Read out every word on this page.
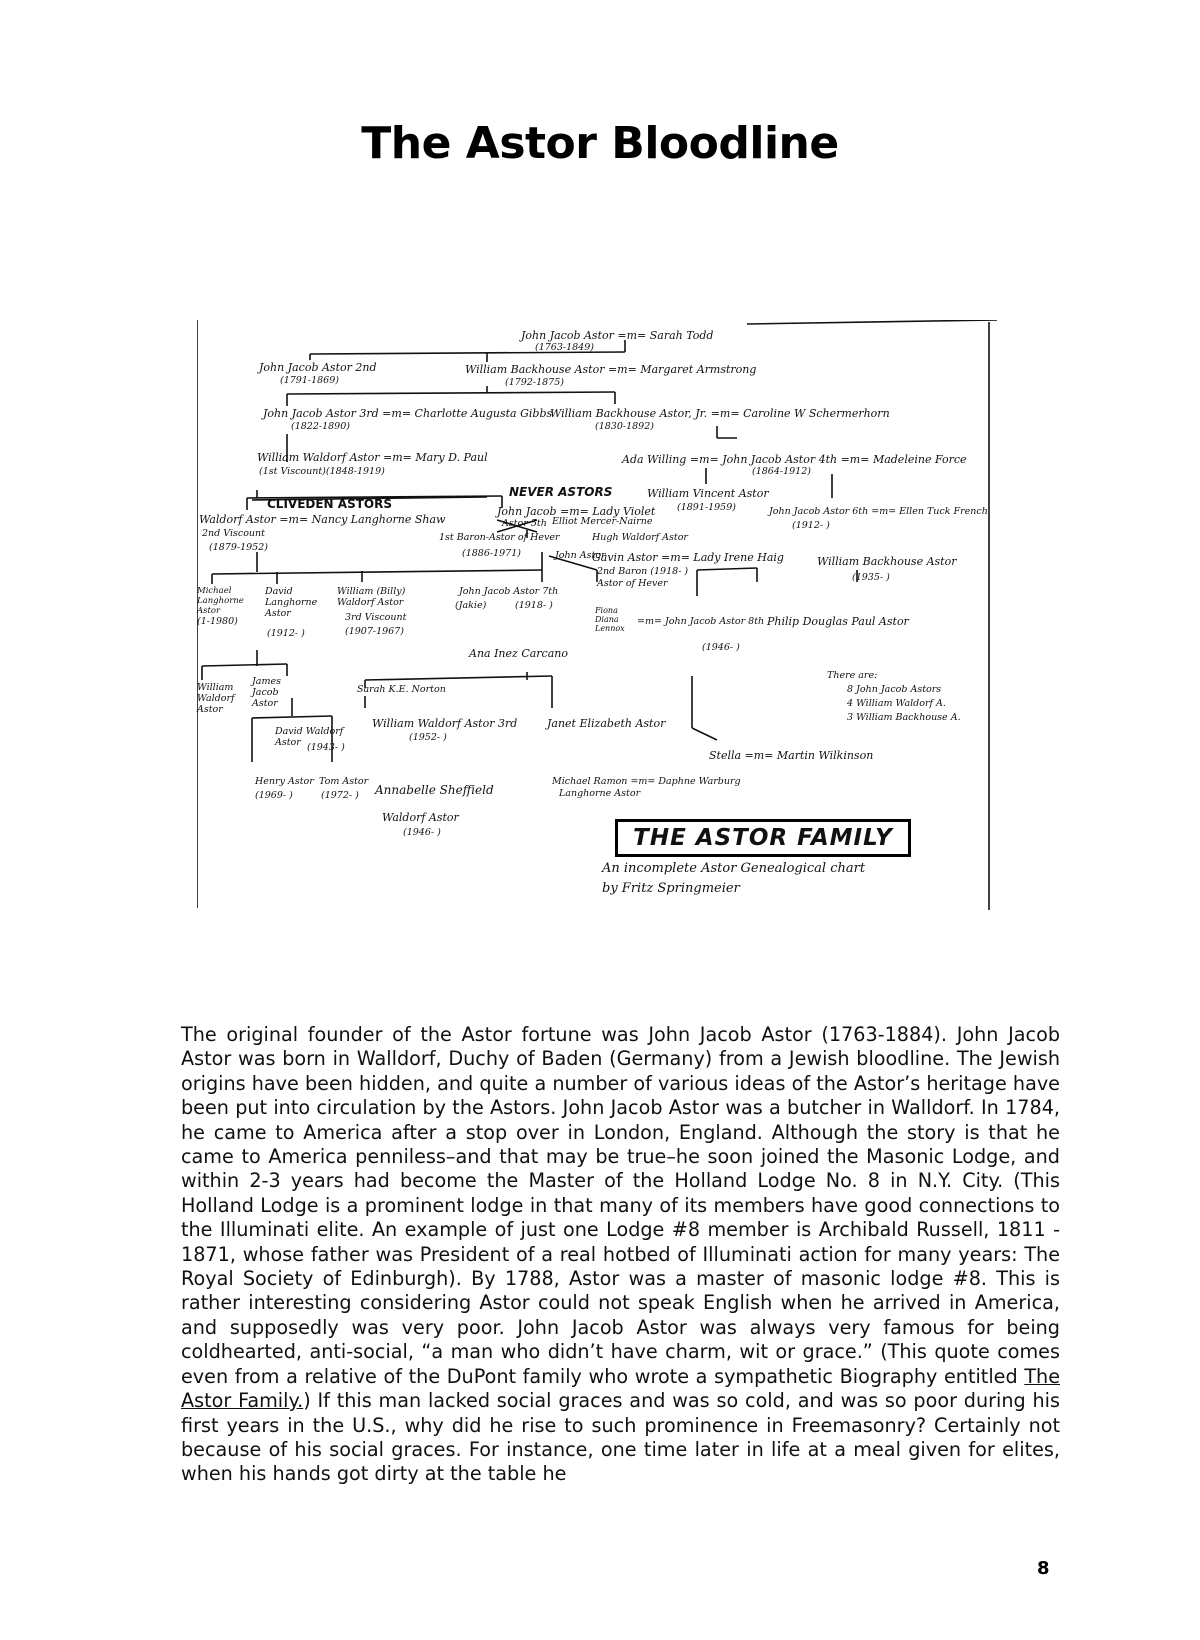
The Astor Bloodline
John Jacob Astor =m= Sarah Todd
(1763-1849)
John Jacob Astor 2nd
(1791-1869)
William Backhouse Astor =m= Margaret Armstrong
(1792-1875)
John Jacob Astor 3rd =m= Charlotte Augusta Gibbs
(1822-1890)
William Backhouse Astor, Jr. =m= Caroline W Schermerhorn
(1830-1892)
William Waldorf Astor =m= Mary D. Paul
(1st Viscount)(1848-1919)
Ada Willing =m= John Jacob Astor 4th =m= Madeleine Force
(1864-1912)
CLIVEDEN ASTORS
NEVER ASTORS	William Vincent Astor
(1891-1959)
Waldorf Astor =m= Nancy Langhorne Shaw
2nd Viscount
(1879-1952)
John Jacob =m= Lady Violet
Astor 5th Elliot Mercer-Nairne
1st Baron-Astor of Hever
(1886-1971)
Hugh Waldorf Astor
John Jacob Astor 6th =m= Ellen Tuck French
(1912- )
John Astor
Gavin Astor =m= Lady Irene Haig
2nd Baron (1918- )
Astor of Hever
William Backhouse Astor
(1935- )
Michael Langhorne Astor
(1-1980)
David Langhorne Astor
(1912- )
William (Billy) Waldorf Astor
3rd Viscount
(1907-1967)
John Jacob Astor 7th
(Jakie)	(1918- )	Fiona Diana Lennox
=m= John Jacob Astor 8th
(1946- )
Philip Douglas Paul Astor
Ana Inez Carcano
William Waldorf Astor
James Jacob Astor
Sarah K.E. Norton
William Waldorf Astor 3rd
(1952- )
Janet Elizabeth Astor
David Waldorf Astor (1943- )
Henry Astor
(1969- )
Tom Astor
(1972- ) Annabelle Sheffield
Waldorf Astor
(1946- )
Stella =m= Martin Wilkinson
Michael Ramon =m= Daphne Warburg
Langhorne Astor
There are:
8 John Jacob Astors
4 William Waldorf A.
3 William Backhouse A.
THE ASTOR FAMILY
An incomplete Astor Genealogical chart
by Fritz Springmeier

The original founder of the Astor fortune was John Jacob Astor (1763-1884). John Jacob Astor was born in Walldorf, Duchy of Baden (Germany) from a Jewish bloodline. The Jewish origins have been hidden, and quite a number of various ideas of the Astor’s heritage have been put into circulation by the Astors. John Jacob Astor was a butcher in Walldorf. In 1784, he came to America after a stop over in London, England. Although the story is that he came to America penniless–and that may be true–he soon joined the Masonic Lodge, and within 2-3 years had become the Master of the Holland Lodge No. 8 in N.Y. City. (This Holland Lodge is a prominent lodge in that many of its members have good connections to the Illuminati elite. An example of just one Lodge #8 member is Archibald Russell, 1811 - 1871, whose father was President of a real hotbed of Illuminati action for many years: The Royal Society of Edinburgh). By 1788, Astor was a master of masonic lodge #8. This is rather interesting considering Astor could not speak English when he arrived in America, and supposedly was very poor. John Jacob Astor was always very famous for being coldhearted, anti-social, “a man who didn’t have charm, wit or grace.” (This quote comes even from a relative of the DuPont family who wrote a sympathetic Biography entitled The Astor Family.) If this man lacked social graces and was so cold, and was so poor during his first years in the U.S., why did he rise to such prominence in Freemasonry? Certainly not because of his social graces. For instance, one time later in life at a meal given for elites, when his hands got dirty at the table he

8
